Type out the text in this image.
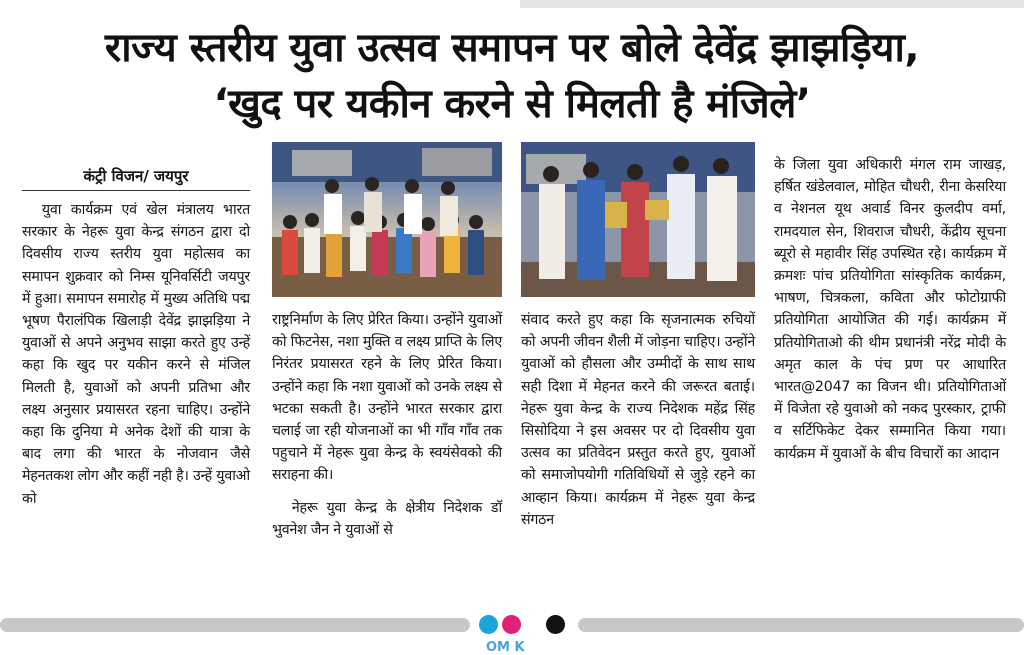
राज्य स्तरीय युवा उत्सव समापन पर बोले देवेंद्र झाझड़िया,
‘खुद पर यकीन करने से मिलती है मंजिले’
कंट्री विजन/ जयपुर

युवा कार्यक्रम एवं खेल मंत्रालय भारत सरकार के नेहरू युवा केन्द्र संगठन द्वारा दो दिवसीय राज्य स्तरीय युवा महोत्सव का समापन शुक्रवार को निम्स यूनिवर्सिटी जयपुर में हुआ। समापन समारोह में मुख्य अतिथि पद्म भूषण पैरालंपिक खिलाड़ी देवेंद्र झाझड़िया ने युवाओं से अपने अनुभव साझा करते हुए उन्हें कहा कि खुद पर यकीन करने से मंजिल मिलती है, युवाओं को अपनी प्रतिभा और लक्ष्य अनुसार प्रयासरत रहना चाहिए। उन्होंने कहा कि दुनिया मे अनेक देशों की यात्रा के बाद लगा की भारत के नोजवान जैसे मेहनतकश लोग और कहीं नही है। उन्हें युवाओ को

राष्ट्रनिर्माण के लिए प्रेरित किया। उन्होंने युवाओं को फिटनेस, नशा मुक्ति व लक्ष्य प्राप्ति के लिए निरंतर प्रयासरत रहने के लिए प्रेरित किया। उन्होंने कहा कि नशा युवाओं को उनके लक्ष्य से भटका सकती है। उन्होंने भारत सरकार द्वारा चलाई जा रही योजनाओं का भी गाँव गाँव तक पहुचाने में नेहरू युवा केन्द्र के स्वयंसेवको की सराहना की।

नेहरू युवा केन्द्र के क्षेत्रीय निदेशक डॉ भुवनेश जैन ने युवाओं से

संवाद करते हुए कहा कि सृजनात्मक रुचियों को अपनी जीवन शैली में जोड़ना चाहिए। उन्होंने युवाओं को हौसला और उम्मीदों के साथ साथ सही दिशा में मेहनत करने की जरूरत बताई। नेहरू युवा केन्द्र के राज्य निदेशक महेंद्र सिंह सिसोदिया ने इस अवसर पर दो दिवसीय युवा उत्सव का प्रतिवेदन प्रस्तुत करते हुए, युवाओं को समाजोपयोगी गतिविधियों से जुड़े रहने का आव्हान किया। कार्यक्रम में नेहरू युवा केन्द्र संगठन

के जिला युवा अधिकारी मंगल राम जाखड़, हर्षित खंडेलवाल, मोहित चौधरी, रीना केसरिया व नेशनल यूथ अवार्ड विनर कुलदीप वर्मा, रामदयाल सेन, शिवराज चौधरी, केंद्रीय सूचना ब्यूरो से महावीर सिंह उपस्थित रहे। कार्यक्रम में क्रमशः पांच प्रतियोगिता सांस्कृतिक कार्यक्रम, भाषण, चित्रकला, कविता और फोटोग्राफी प्रतियोगिता आयोजित की गई। कार्यक्रम में प्रतियोगिताओ की थीम प्रधानंत्री नरेंद्र मोदी के अमृत काल के पंच प्रण पर आधारित भारत@2047 का विजन थी। प्रतियोगिताओं में विजेता रहे युवाओ को नकद पुरस्कार, ट्राफी व सर्टिफिकेट देकर सम्मानित किया गया। कार्यक्रम में युवाओं के बीच विचारों का आदान

OM K
